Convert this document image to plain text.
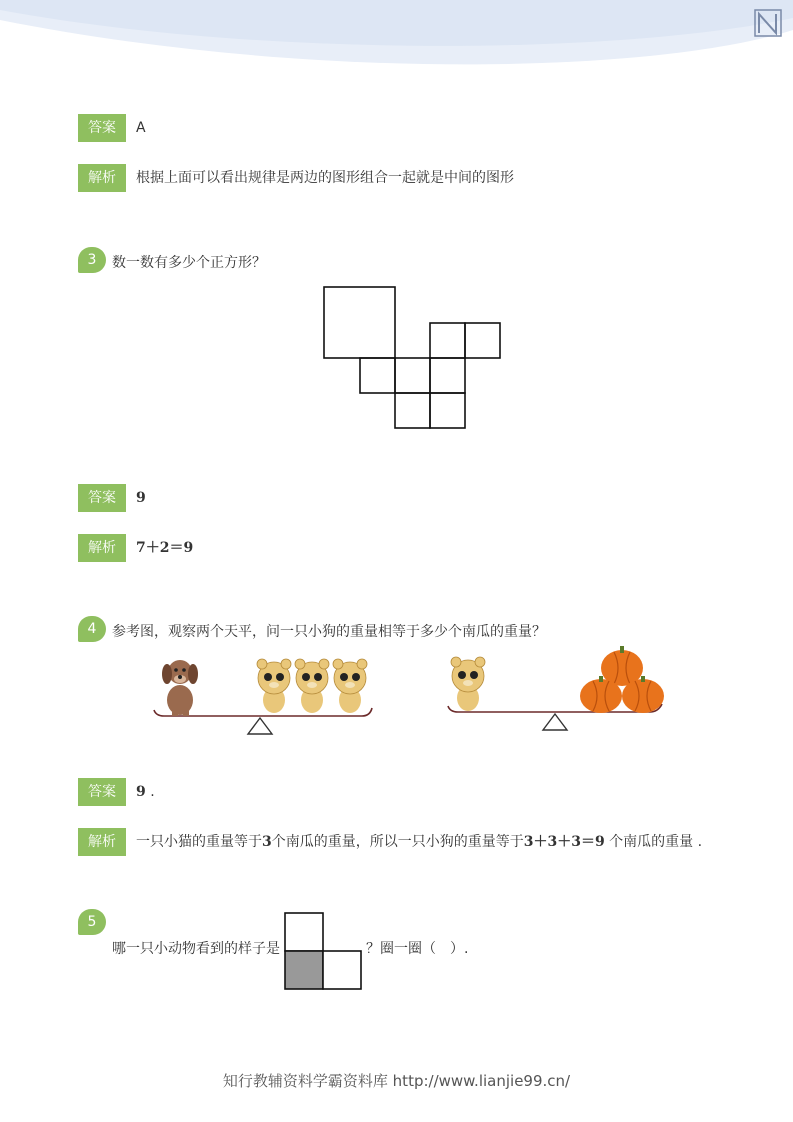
答案	A
解析	根据上面可以看出规律是两边的图形组合一起就是中间的图形
3	数一数有多少个正方形？
答案	9
解析	7＋2＝9
4	参考图，观察两个天平，问一只小狗的重量相等于多少个南瓜的重量？
答案	9 .
解析	一只小猫的重量等于3个南瓜的重量，所以一只小狗的重量等于3＋3＋3＝9 个南瓜的重量 .
5
哪一只小动物看到的样子是	？圈一圈（　）.
知行教辅资料学霸资料库 http://www.lianjie99.cn/
